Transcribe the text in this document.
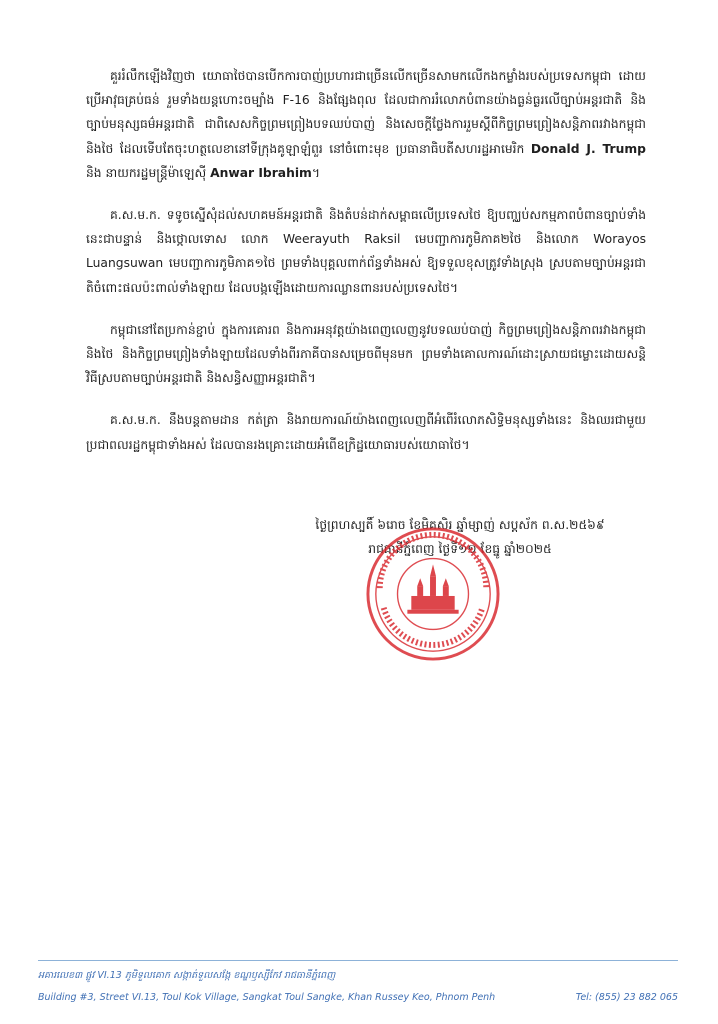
គួររំលឹកឡើងវិញថា យោធាថៃបានបើកការបាញ់ប្រហារជាច្រើនលើកច្រើនសាមកលើកងកម្លាំងរបស់ប្រទេសកម្ពុជា ដោយប្រើអាវុធគ្រប់ធន់ រួមទាំងយន្តហោះចម្បាំង F-16 និងផ្សែងពុល ដែលជាការរំលោភបំពានយ៉ាងធ្ងន់ធ្ងរលើច្បាប់អន្តរជាតិ និងច្បាប់មនុស្សធម៌អន្តរជាតិ ជាពិសេសកិច្ចព្រមព្រៀងបទឈប់បាញ់ និងសេចក្តីថ្លែងការរួមស្តីពីកិច្ចព្រមព្រៀងសន្តិភាពរវាងកម្ពុជានិងថៃ ដែលទើបតែចុះហត្ថលេខានៅទីក្រុងគូឡាឡំពួរ នៅចំពោះមុខ ប្រធានាធិបតីសហរដ្ឋអាមេរិក Donald J. Trump និង នាយករដ្ឋមន្ត្រីម៉ាឡេស៊ី Anwar Ibrahim។

គ.ស.ម.ក. ទទូចស្នើសុំដល់សហគមន៍អន្តរជាតិ និងតំបន់ដាក់សម្ពាធលើប្រទេសថៃ ឱ្យបញ្ឈប់សកម្មភាពបំពានច្បាប់ទាំងនេះជាបន្ទាន់ និងថ្កោលទោស លោក Weerayuth Raksil មេបញ្ជាការភូមិភាគ២ថៃ និងលោក Worayos Luangsuwan មេបញ្ជាការភូមិភាគ១ថៃ ព្រមទាំងបុគ្គលពាក់ព័ន្ធទាំងអស់ ឱ្យទទួលខុសត្រូវទាំងស្រុង ស្របតាមច្បាប់អន្តរជាតិចំពោះផលប៉ះពាល់ទាំងឡាយ ដែលបង្កឡើងដោយការឈ្លានពានរបស់ប្រទេសថៃ។

កម្ពុជានៅតែប្រកាន់ខ្ជាប់ ក្នុងការគោរព និងការអនុវត្តយ៉ាងពេញលេញនូវបទឈប់បាញ់ កិច្ចព្រមព្រៀងសន្តិភាពរវាងកម្ពុជានិងថៃ និងកិច្ចព្រមព្រៀងទាំងឡាយដែលទាំងពីរភាគីបានសម្រេចពីមុនមក ព្រមទាំងគោលការណ៍ដោះស្រាយជម្លោះដោយសន្តិវិធីស្របតាមច្បាប់អន្តរជាតិ និងសន្ធិសញ្ញាអន្តរជាតិ។

គ.ស.ម.ក. នឹងបន្តតាមដាន កត់ត្រា និងរាយការណ៍យ៉ាងពេញលេញពីអំពើរំលោភសិទ្ធិមនុស្សទាំងនេះ និងឈរជាមួយប្រជាពលរដ្ឋកម្ពុជាទាំងអស់ ដែលបានរងគ្រោះដោយអំពើឧក្រិដ្ឋយោធារបស់យោធាថៃ។

ថ្ងៃព្រហស្បតិ៍ ៦រោច ខែមិគសិរ ឆ្នាំម្សាញ់ សប្តស័ក ព.ស.២៥៦៩
រាជធានីភ្នំពេញ ថ្ងៃទី១១ ខែធ្នូ ឆ្នាំ២០២៥
អគារលេខ៣ ផ្លូវ VI.13 ភូមិទួលគោក សង្កាត់ទួលសង្កែ ខណ្ឌឫស្សីកែវ រាជធានីភ្នំពេញ
Building #3, Street VI.13, Toul Kok Village, Sangkat Toul Sangke, Khan Russey Keo, Phnom Penh	Tel: (855) 23 882 065
